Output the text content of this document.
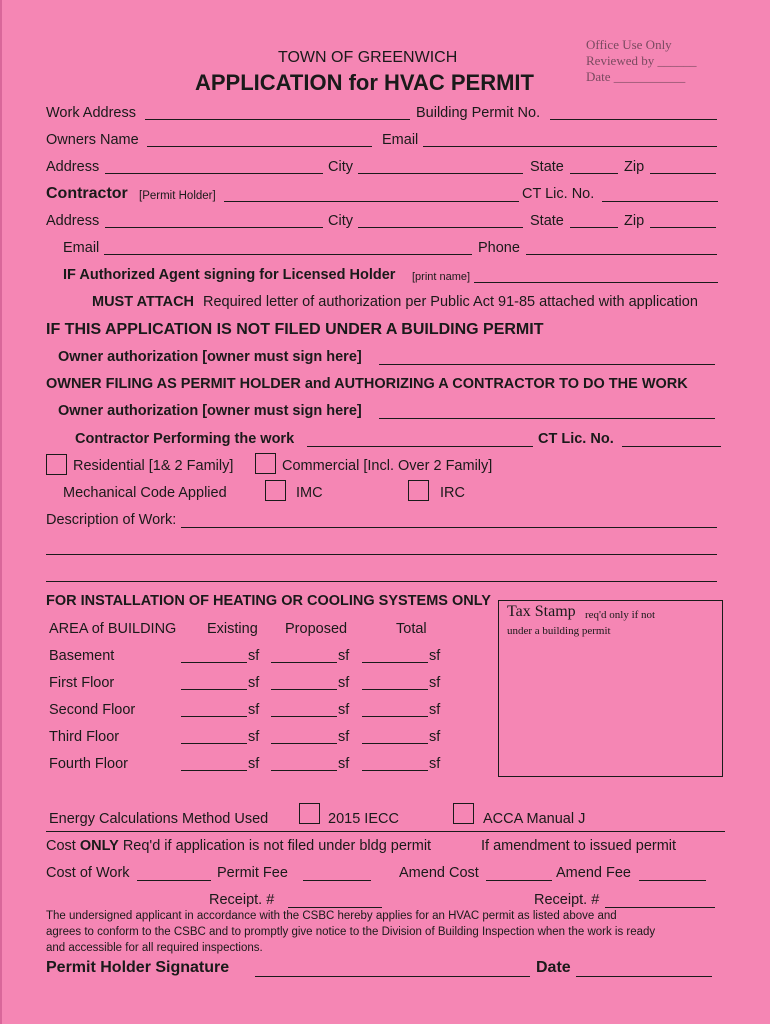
Office Use Only
Reviewed by ______
Date ___________
TOWN OF GREENWICH
APPLICATION for HVAC PERMIT
Work Address	Building Permit No.
Owners Name	Email
Address	City	State	Zip
Contractor [Permit Holder]	CT Lic. No.
Address	City	State	Zip
Email	Phone
IF Authorized Agent signing for Licensed Holder [print name]
MUST ATTACH Required letter of authorization per Public Act 91-85 attached with application
IF THIS APPLICATION IS NOT FILED UNDER A BUILDING PERMIT
Owner authorization [owner must sign here]
OWNER FILING AS PERMIT HOLDER and AUTHORIZING A CONTRACTOR TO DO THE WORK
Owner authorization [owner must sign here]
Contractor Performing the work	CT Lic. No.
Residential [1& 2 Family]	Commercial [Incl. Over 2 Family]
Mechanical Code Applied	IMC	IRC
Description of Work:
FOR INSTALLATION OF HEATING OR COOLING SYSTEMS ONLY
Tax Stamp req'd only if not
under a building permit
AREA of BUILDING Existing Proposed	Total
Basement	sf	sf	sf
First Floor	sf	sf	sf
Second Floor	sf	sf	sf
Third Floor	sf	sf	sf
Fourth Floor	sf	sf	sf
Energy Calculations Method Used	2015 IECC	ACCA Manual J
Cost ONLY Req'd if application is not filed under bldg permit	If amendment to issued permit
Cost of Work	Permit Fee	Amend Cost	Amend Fee
Receipt. #	Receipt. #
The undersigned applicant in accordance with the CSBC hereby applies for an HVAC permit as listed above and
agrees to conform to the CSBC and to promptly give notice to the Division of Building Inspection when the work is ready
and accessible for all required inspections.
Permit Holder Signature	Date
